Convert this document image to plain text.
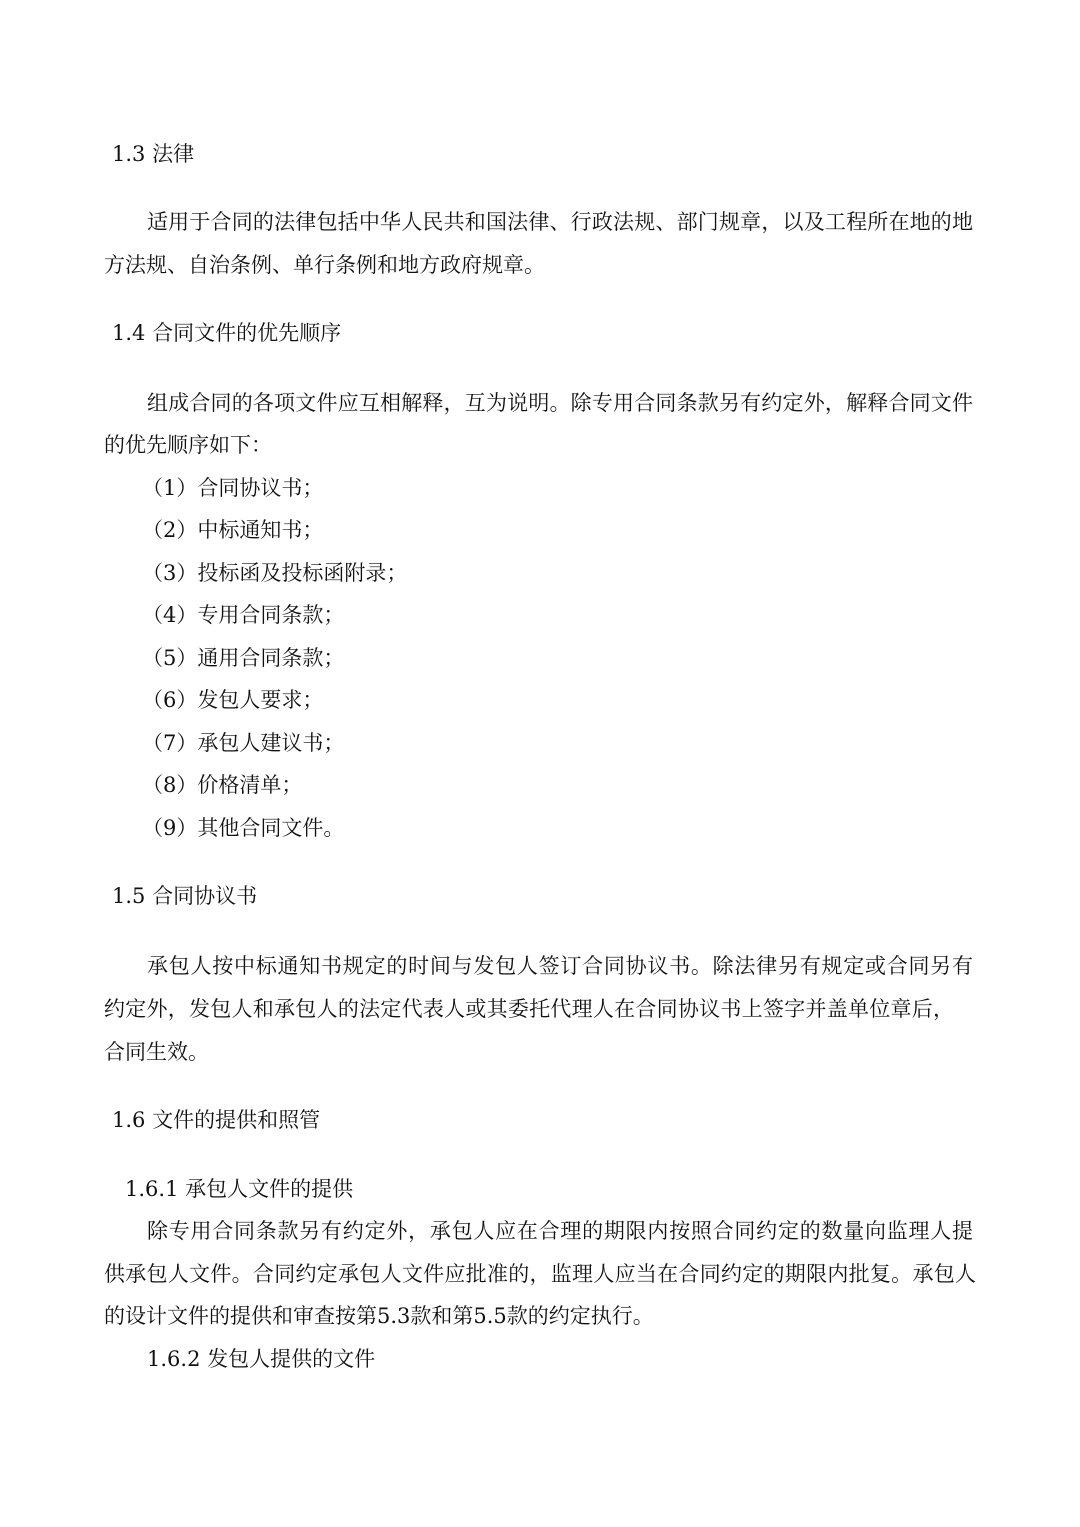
1.3 法律
适用于合同的法律包括中华人民共和国法律、行政法规、部门规章，以及工程所在地的地
方法规、自治条例、单行条例和地方政府规章。
1.4 合同文件的优先顺序
组成合同的各项文件应互相解释，互为说明。除专用合同条款另有约定外，解释合同文件
的优先顺序如下：
（1）合同协议书；
（2）中标通知书；
（3）投标函及投标函附录；
（4）专用合同条款；
（5）通用合同条款；
（6）发包人要求；
（7）承包人建议书；
（8）价格清单；
（9）其他合同文件。
1.5 合同协议书
承包人按中标通知书规定的时间与发包人签订合同协议书。除法律另有规定或合同另有
约定外，发包人和承包人的法定代表人或其委托代理人在合同协议书上签字并盖单位章后，
合同生效。
1.6 文件的提供和照管
1.6.1 承包人文件的提供
除专用合同条款另有约定外，承包人应在合理的期限内按照合同约定的数量向监理人提
供承包人文件。合同约定承包人文件应批准的，监理人应当在合同约定的期限内批复。承包人
的设计文件的提供和审查按第5.3款和第5.5款的约定执行。
1.6.2 发包人提供的文件
